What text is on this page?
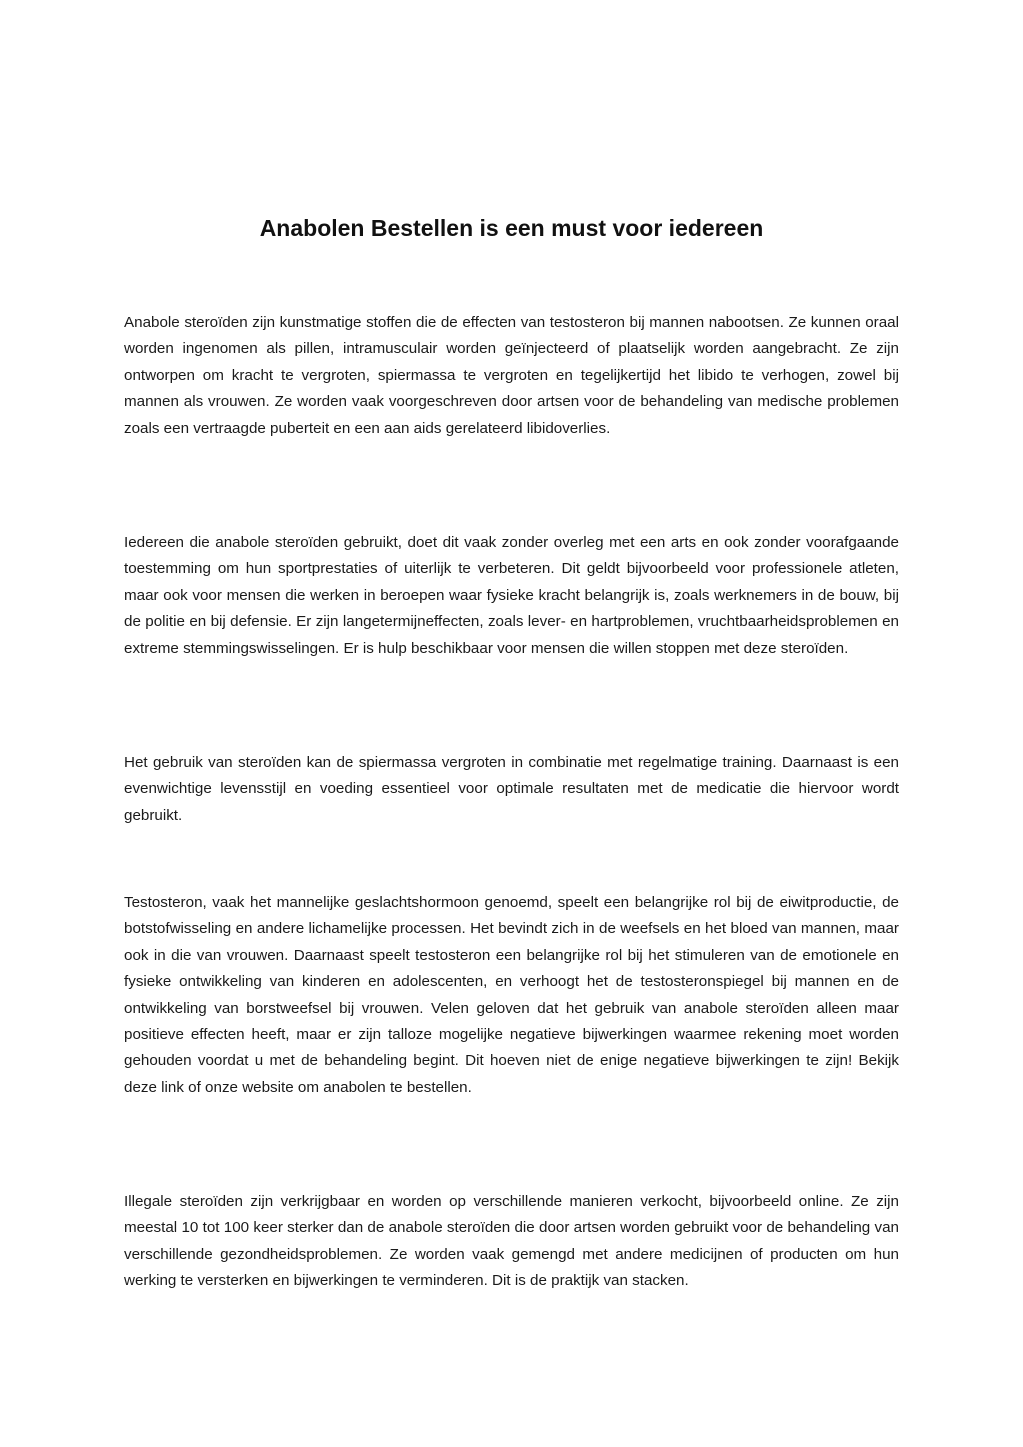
Anabolen Bestellen is een must voor iedereen

Anabole steroïden zijn kunstmatige stoffen die de effecten van testosteron bij mannen nabootsen. Ze kunnen oraal worden ingenomen als pillen, intramusculair worden geïnjecteerd of plaatselijk worden aangebracht. Ze zijn ontworpen om kracht te vergroten, spiermassa te vergroten en tegelijkertijd het libido te verhogen, zowel bij mannen als vrouwen. Ze worden vaak voorgeschreven door artsen voor de behandeling van medische problemen zoals een vertraagde puberteit en een aan aids gerelateerd libidoverlies.

Iedereen die anabole steroïden gebruikt, doet dit vaak zonder overleg met een arts en ook zonder voorafgaande toestemming om hun sportprestaties of uiterlijk te verbeteren. Dit geldt bijvoorbeeld voor professionele atleten, maar ook voor mensen die werken in beroepen waar fysieke kracht belangrijk is, zoals werknemers in de bouw, bij de politie en bij defensie. Er zijn langetermijneffecten, zoals lever- en hartproblemen, vruchtbaarheidsproblemen en extreme stemmingswisselingen. Er is hulp beschikbaar voor mensen die willen stoppen met deze steroïden.

Het gebruik van steroïden kan de spiermassa vergroten in combinatie met regelmatige training. Daarnaast is een evenwichtige levensstijl en voeding essentieel voor optimale resultaten met de medicatie die hiervoor wordt gebruikt.

Testosteron, vaak het mannelijke geslachtshormoon genoemd, speelt een belangrijke rol bij de eiwitproductie, de botstofwisseling en andere lichamelijke processen. Het bevindt zich in de weefsels en het bloed van mannen, maar ook in die van vrouwen. Daarnaast speelt testosteron een belangrijke rol bij het stimuleren van de emotionele en fysieke ontwikkeling van kinderen en adolescenten, en verhoogt het de testosteronspiegel bij mannen en de ontwikkeling van borstweefsel bij vrouwen. Velen geloven dat het gebruik van anabole steroïden alleen maar positieve effecten heeft, maar er zijn talloze mogelijke negatieve bijwerkingen waarmee rekening moet worden gehouden voordat u met de behandeling begint. Dit hoeven niet de enige negatieve bijwerkingen te zijn! Bekijk deze link of onze website om anabolen te bestellen.

Illegale steroïden zijn verkrijgbaar en worden op verschillende manieren verkocht, bijvoorbeeld online. Ze zijn meestal 10 tot 100 keer sterker dan de anabole steroïden die door artsen worden gebruikt voor de behandeling van verschillende gezondheidsproblemen. Ze worden vaak gemengd met andere medicijnen of producten om hun werking te versterken en bijwerkingen te verminderen. Dit is de praktijk van stacken.
